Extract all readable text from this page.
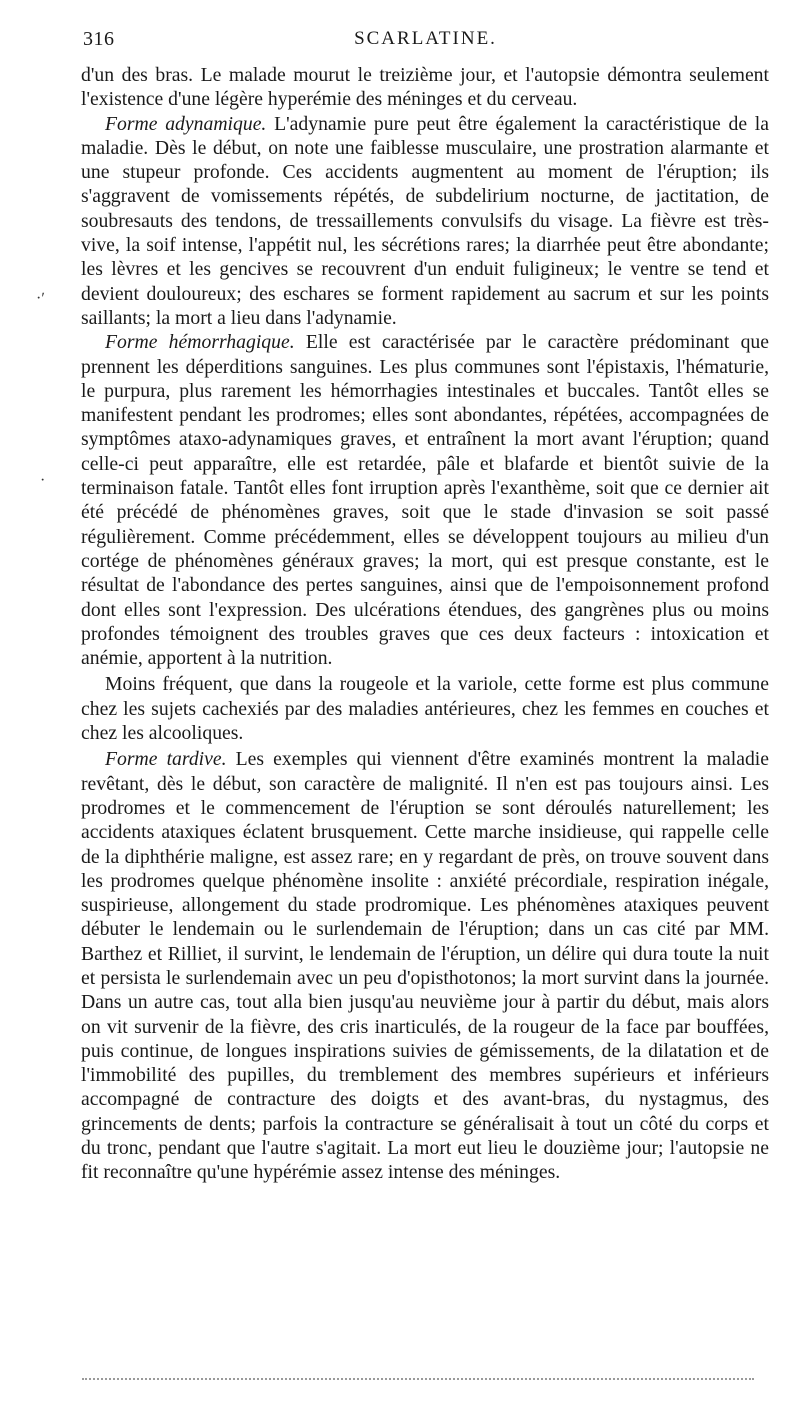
316	SCARLATINE.

d'un des bras. Le malade mourut le treizième jour, et l'autopsie démontra seulement l'existence d'une légère hyperémie des méninges et du cerveau.

Forme adynamique. L'adynamie pure peut être également la caractéristique de la maladie. Dès le début, on note une faiblesse musculaire, une prostration alarmante et une stupeur profonde. Ces accidents augmentent au moment de l'éruption; ils s'aggravent de vomissements répétés, de subdelirium nocturne, de jactitation, de soubresauts des tendons, de tressaillements convulsifs du visage. La fièvre est très-vive, la soif intense, l'appétit nul, les sécrétions rares; la diarrhée peut être abondante; les lèvres et les gencives se recouvrent d'un enduit fuligineux; le ventre se tend et devient douloureux; des eschares se forment rapidement au sacrum et sur les points saillants; la mort a lieu dans l'adynamie.

Forme hémorrhagique. Elle est caractérisée par le caractère prédominant que prennent les déperditions sanguines. Les plus communes sont l'épistaxis, l'hématurie, le purpura, plus rarement les hémorrhagies intestinales et buccales. Tantôt elles se manifestent pendant les prodromes; elles sont abondantes, répétées, accompagnées de symptômes ataxo-adynamiques graves, et entraînent la mort avant l'éruption; quand celle-ci peut apparaître, elle est retardée, pâle et blafarde et bientôt suivie de la terminaison fatale. Tantôt elles font irruption après l'exanthème, soit que ce dernier ait été précédé de phénomènes graves, soit que le stade d'invasion se soit passé régulièrement. Comme précédemment, elles se développent toujours au milieu d'un cortége de phénomènes généraux graves; la mort, qui est presque constante, est le résultat de l'abondance des pertes sanguines, ainsi que de l'empoisonnement profond dont elles sont l'expression. Des ulcérations étendues, des gangrènes plus ou moins profondes témoignent des troubles graves que ces deux facteurs : intoxication et anémie, apportent à la nutrition.

Moins fréquent, que dans la rougeole et la variole, cette forme est plus commune chez les sujets cachexiés par des maladies antérieures, chez les femmes en couches et chez les alcooliques.

Forme tardive. Les exemples qui viennent d'être examinés montrent la maladie revêtant, dès le début, son caractère de malignité. Il n'en est pas toujours ainsi. Les prodromes et le commencement de l'éruption se sont déroulés naturellement; les accidents ataxiques éclatent brusquement. Cette marche insidieuse, qui rappelle celle de la diphthérie maligne, est assez rare; en y regardant de près, on trouve souvent dans les prodromes quelque phénomène insolite : anxiété précordiale, respiration inégale, suspirieuse, allongement du stade prodromique. Les phénomènes ataxiques peuvent débuter le lendemain ou le surlendemain de l'éruption; dans un cas cité par MM. Barthez et Rilliet, il survint, le lendemain de l'éruption, un délire qui dura toute la nuit et persista le surlendemain avec un peu d'opisthotonos; la mort survint dans la journée. Dans un autre cas, tout alla bien jusqu'au neuvième jour à partir du début, mais alors on vit survenir de la fièvre, des cris inarticulés, de la rougeur de la face par bouffées, puis continue, de longues inspirations suivies de gémissements, de la dilatation et de l'immobilité des pupilles, du tremblement des membres supérieurs et inférieurs accompagné de contracture des doigts et des avant-bras, du nystagmus, des grincements de dents; parfois la contracture se généralisait à tout un côté du corps et du tronc, pendant que l'autre s'agitait. La mort eut lieu le douzième jour; l'autopsie ne fit reconnaître qu'une hypérémie assez intense des méninges.

·ʹ
·
